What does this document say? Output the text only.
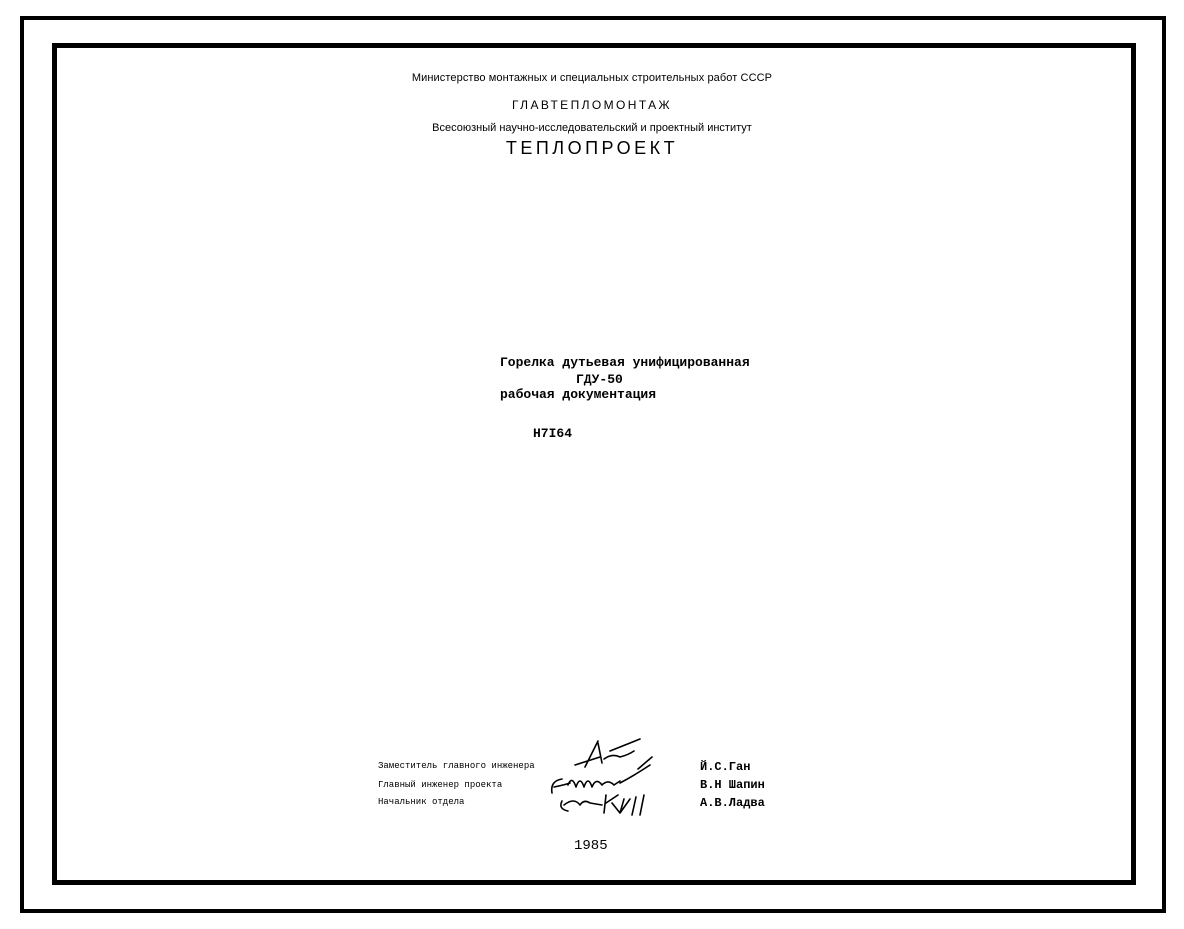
Министерство монтажных и специальных строительных работ СССР
ГЛАВТЕПЛОМОНТАЖ
Всесоюзный научно-исследовательский и проектный институт
ТЕПЛОПРОЕКТ
Горелка дутьевая унифицированная
ГДУ-50
рабочая документация
Н7I64
Заместитель главного инженера
Главный инженер проекта
Начальник отдела
Й.С.Ган
В.Н Шапин
А.В.Ладва
1985
